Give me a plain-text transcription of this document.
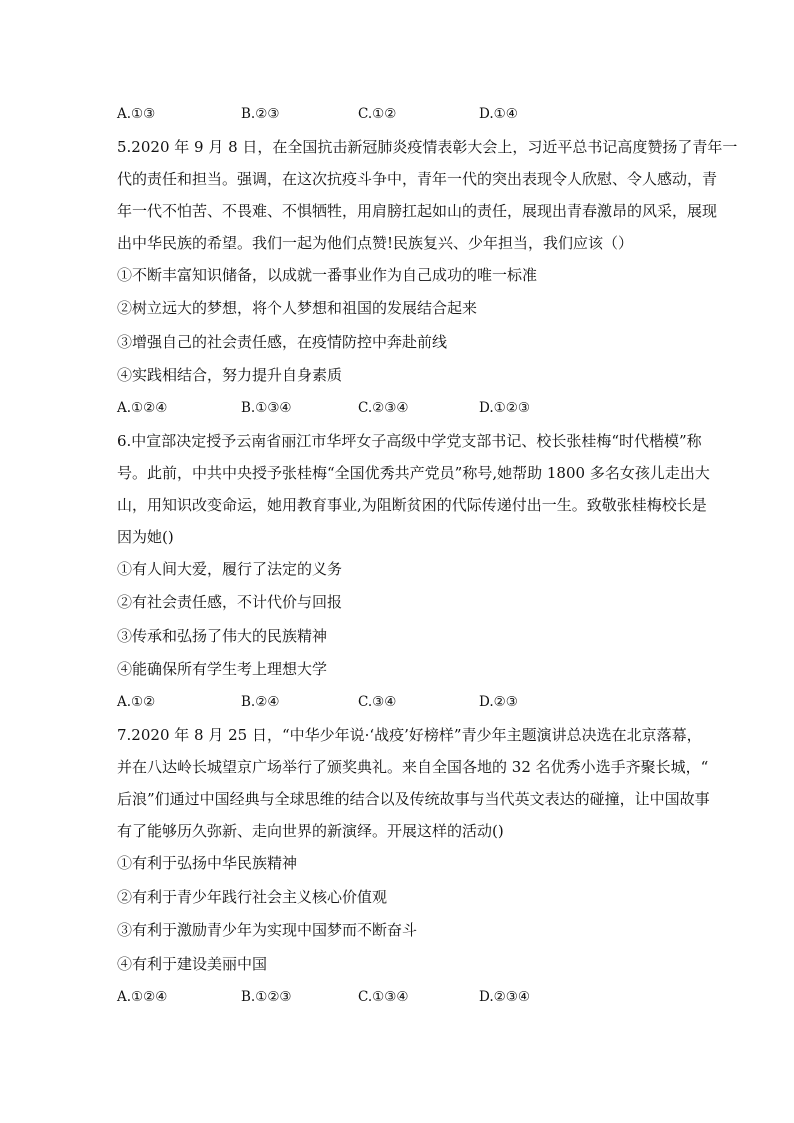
A.①③	B.②③	C.①②	D.①④
5.2020 年 9 月 8 日，在全国抗击新冠肺炎疫情表彰大会上，习近平总书记高度赞扬了青年一
代的责任和担当。强调，在这次抗疫斗争中，青年一代的突出表现令人欣慰、令人感动，青
年一代不怕苦、不畏难、不惧牺牲，用肩膀扛起如山的责任，展现出青春激昂的风采，展现
出中华民族的希望。我们一起为他们点赞!民族复兴、少年担当，我们应该（）
①不断丰富知识储备，以成就一番事业作为自己成功的唯一标准
②树立远大的梦想，将个人梦想和祖国的发展结合起来
③增强自己的社会责任感，在疫情防控中奔赴前线
④实践相结合，努力提升自身素质
A.①②④	B.①③④	C.②③④	D.①②③
6.中宣部决定授予云南省丽江市华坪女子高级中学党支部书记、校长张桂梅“时代楷模”称
号。此前，中共中央授予张桂梅“全国优秀共产党员”称号,她帮助 1800 多名女孩儿走出大
山，用知识改变命运，她用教育事业,为阻断贫困的代际传递付出一生。致敬张桂梅校长是
因为她()
①有人间大爱，履行了法定的义务
②有社会责任感，不计代价与回报
③传承和弘扬了伟大的民族精神
④能确保所有学生考上理想大学
A.①②	B.②④	C.③④	D.②③
7.2020 年 8 月 25 日，“中华少年说·‘战疫’好榜样”青少年主题演讲总决选在北京落幕，
并在八达岭长城望京广场举行了颁奖典礼。来自全国各地的 32 名优秀小选手齐聚长城，“
后浪”们通过中国经典与全球思维的结合以及传统故事与当代英文表达的碰撞，让中国故事
有了能够历久弥新、走向世界的新演绎。开展这样的活动()
①有利于弘扬中华民族精神
②有利于青少年践行社会主义核心价值观
③有利于激励青少年为实现中国梦而不断奋斗
④有利于建设美丽中国
A.①②④	B.①②③	C.①③④	D.②③④
